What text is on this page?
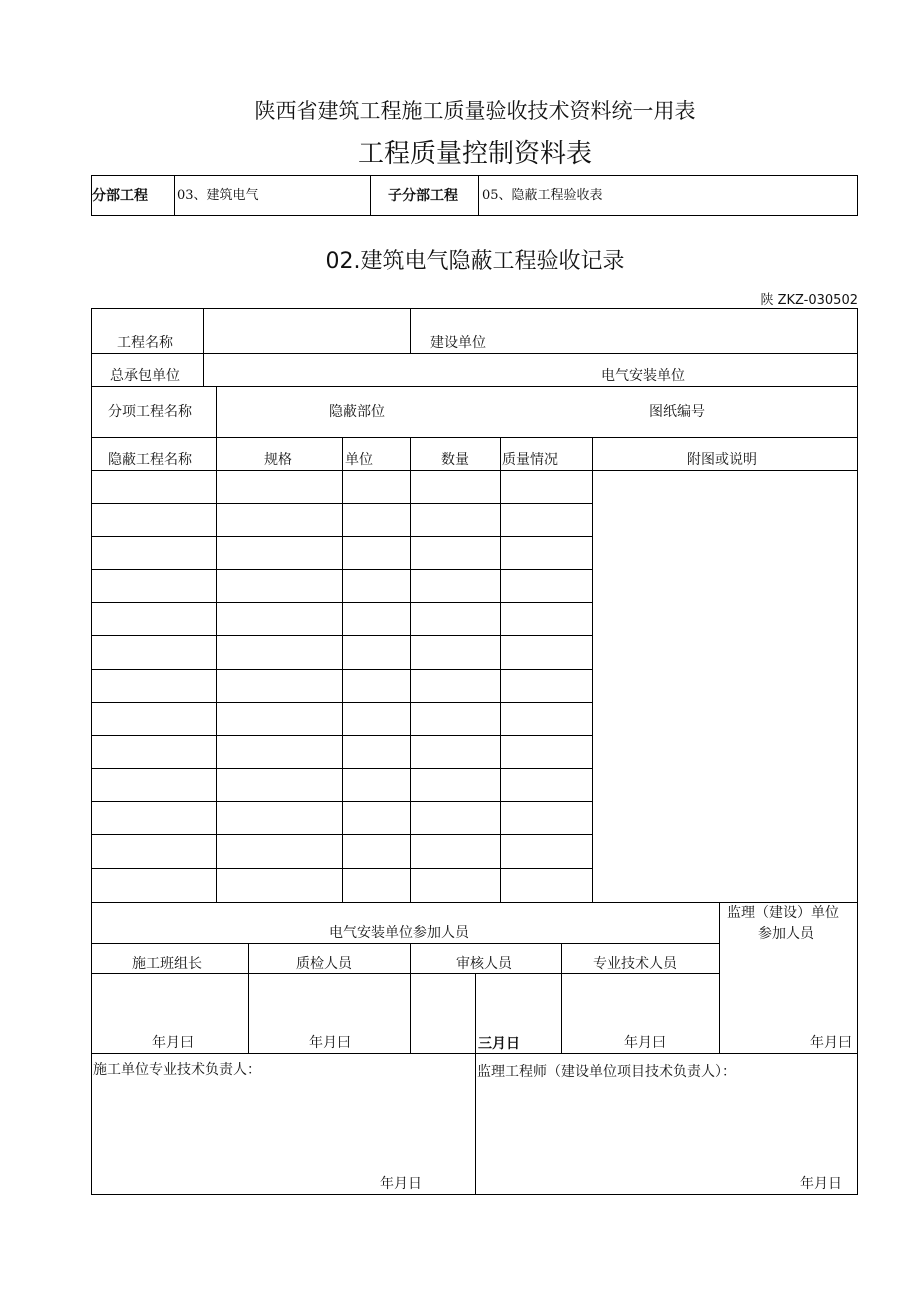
陕西省建筑工程施工质量验收技术资料统一用表
工程质量控制资料表
分部工程 03、建筑电气	子分部工程 05、隐蔽工程验收表
02.建筑电气隐蔽工程验收记录
陕 ZKZ-030502
工程名称	建设单位
总承包单位	电气安装单位
分项工程名称	隐蔽部位	图纸编号
隐蔽工程名称	规格	单位	数量 质量情况	附图或说明
电气安装单位参加人员
监理（建设）单位
参加人员
施工班组长	质检人员	审核人员	专业技术人员
年月曰	年月曰	三月日	年月曰	年月曰
施工单位专业技术负责人：	监理工程师（建设单位项目技术负责人）：
年月日	年月日
